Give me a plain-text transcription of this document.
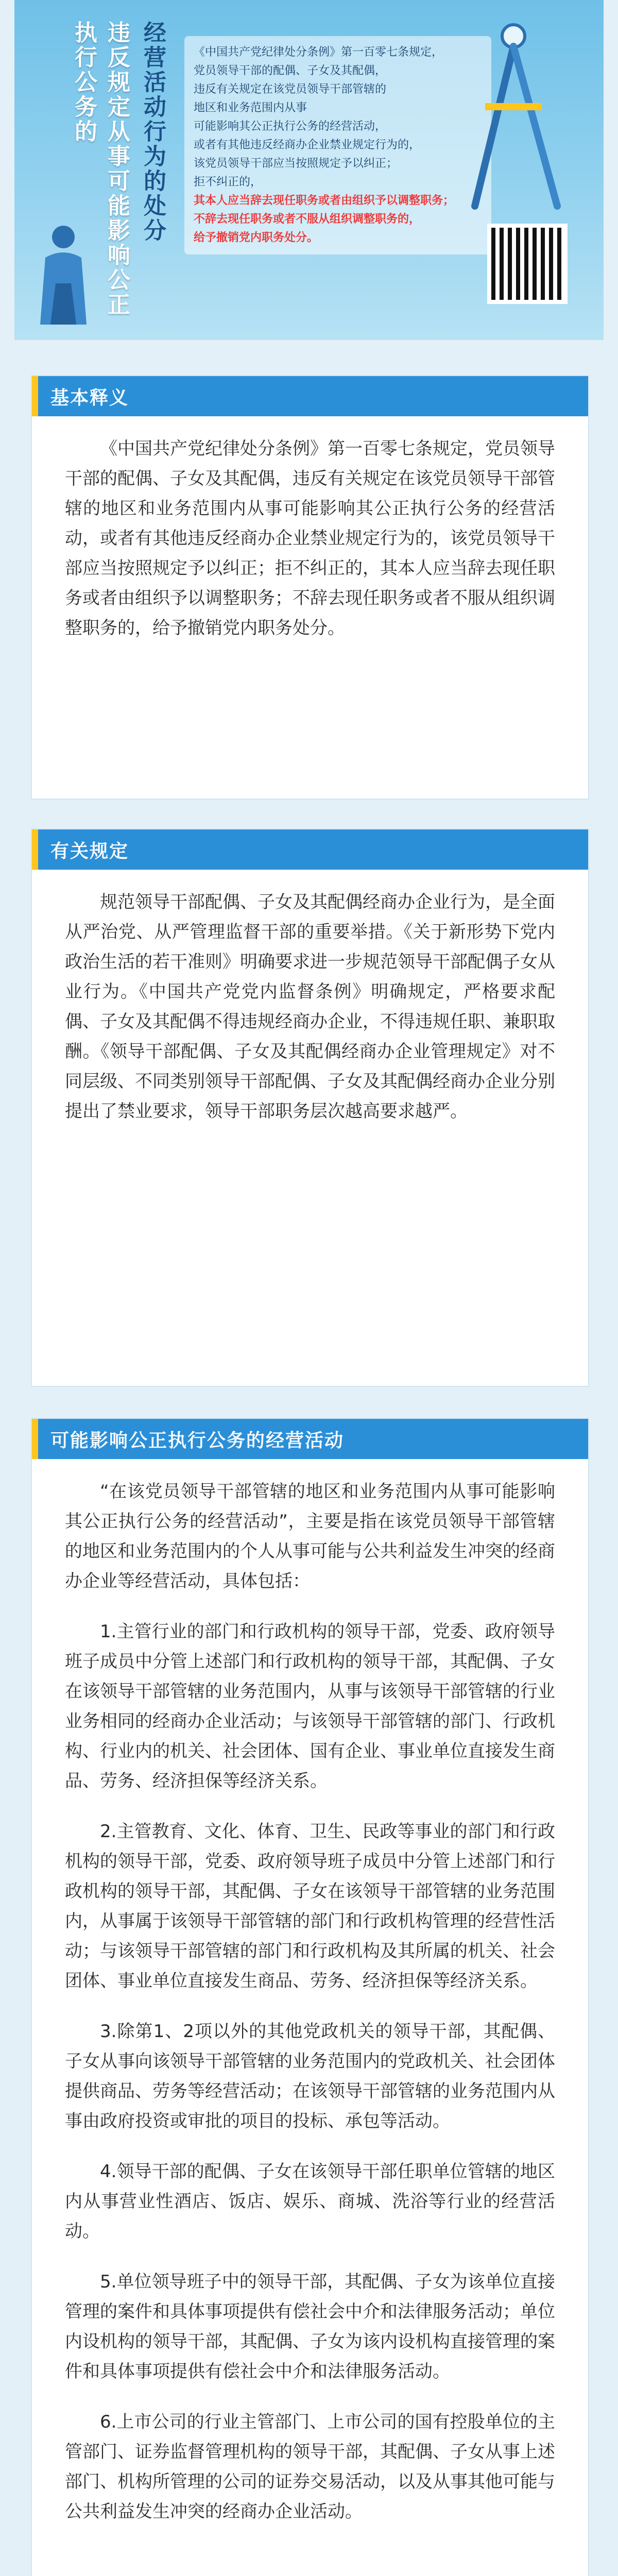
违反规定从事可能影响公正执行公务的	经营活动行为的处分 《中国共产党纪律处分条例》第一百零七条规定，
党员领导干部的配偶、子女及其配偶，
违反有关规定在该党员领导干部管辖的
地区和业务范围内从事
可能影响其公正执行公务的经营活动，
或者有其他违反经商办企业禁业规定行为的，
该党员领导干部应当按照规定予以纠正；
拒不纠正的，
其本人应当辞去现任职务或者由组织予以调整职务；
不辞去现任职务或者不服从组织调整职务的，
给予撤销党内职务处分。
基本释义

《中国共产党纪律处分条例》第一百零七条规定，党员领导干部的配偶、子女及其配偶，违反有关规定在该党员领导干部管辖的地区和业务范围内从事可能影响其公正执行公务的经营活动，或者有其他违反经商办企业禁业规定行为的，该党员领导干部应当按照规定予以纠正；拒不纠正的，其本人应当辞去现任职务或者由组织予以调整职务；不辞去现任职务或者不服从组织调整职务的，给予撤销党内职务处分。

有关规定

规范领导干部配偶、子女及其配偶经商办企业行为，是全面从严治党、从严管理监督干部的重要举措。《关于新形势下党内政治生活的若干准则》明确要求进一步规范领导干部配偶子女从业行为。《中国共产党党内监督条例》明确规定，严格要求配偶、子女及其配偶不得违规经商办企业，不得违规任职、兼职取酬。《领导干部配偶、子女及其配偶经商办企业管理规定》对不同层级、不同类别领导干部配偶、子女及其配偶经商办企业分别提出了禁业要求，领导干部职务层次越高要求越严。

可能影响公正执行公务的经营活动

“在该党员领导干部管辖的地区和业务范围内从事可能影响其公正执行公务的经营活动”，主要是指在该党员领导干部管辖的地区和业务范围内的个人从事可能与公共利益发生冲突的经商办企业等经营活动，具体包括：

1.主管行业的部门和行政机构的领导干部，党委、政府领导班子成员中分管上述部门和行政机构的领导干部，其配偶、子女在该领导干部管辖的业务范围内，从事与该领导干部管辖的行业业务相同的经商办企业活动；与该领导干部管辖的部门、行政机构、行业内的机关、社会团体、国有企业、事业单位直接发生商品、劳务、经济担保等经济关系。

2.主管教育、文化、体育、卫生、民政等事业的部门和行政机构的领导干部，党委、政府领导班子成员中分管上述部门和行政机构的领导干部，其配偶、子女在该领导干部管辖的业务范围内，从事属于该领导干部管辖的部门和行政机构管理的经营性活动；与该领导干部管辖的部门和行政机构及其所属的机关、社会团体、事业单位直接发生商品、劳务、经济担保等经济关系。

3.除第1、2项以外的其他党政机关的领导干部，其配偶、子女从事向该领导干部管辖的业务范围内的党政机关、社会团体提供商品、劳务等经营活动；在该领导干部管辖的业务范围内从事由政府投资或审批的项目的投标、承包等活动。

4.领导干部的配偶、子女在该领导干部任职单位管辖的地区内从事营业性酒店、饭店、娱乐、商城、洗浴等行业的经营活动。

5.单位领导班子中的领导干部，其配偶、子女为该单位直接管理的案件和具体事项提供有偿社会中介和法律服务活动；单位内设机构的领导干部，其配偶、子女为该内设机构直接管理的案件和具体事项提供有偿社会中介和法律服务活动。

6.上市公司的行业主管部门、上市公司的国有控股单位的主管部门、证券监督管理机构的领导干部，其配偶、子女从事上述部门、机构所管理的公司的证券交易活动，以及从事其他可能与公共利益发生冲突的经商办企业活动。
